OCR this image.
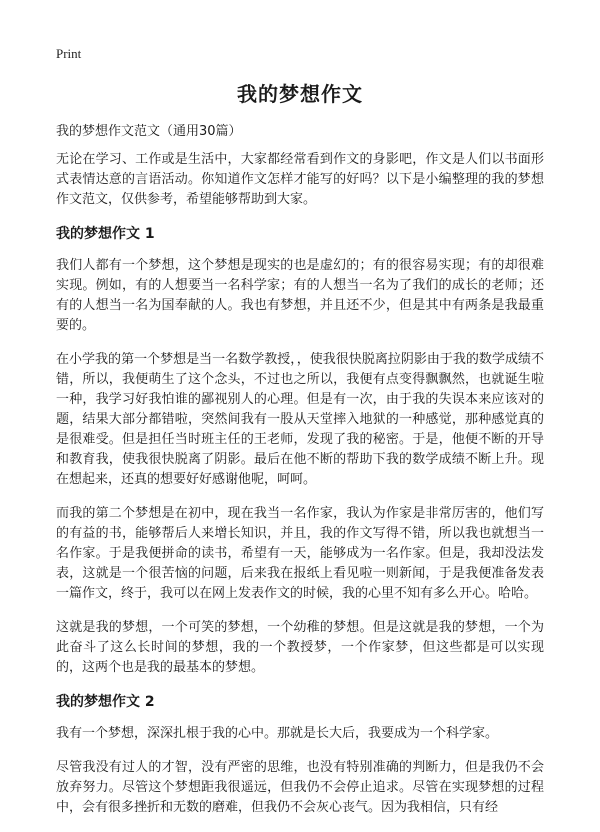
Print
我的梦想作文

我的梦想作文范文（通用30篇）

无论在学习、工作或是生活中，大家都经常看到作文的身影吧，作文是人们以书面形式表情达意的言语活动。你知道作文怎样才能写的好吗？以下是小编整理的我的梦想作文范文，仅供参考，希望能够帮助到大家。

我的梦想作文 1

我们人都有一个梦想，这个梦想是现实的也是虚幻的；有的很容易实现；有的却很难实现。例如，有的人想要当一名科学家；有的人想当一名为了我们的成长的老师；还有的人想当一名为国奉献的人。我也有梦想，并且还不少，但是其中有两条是我最重要的。

在小学我的第一个梦想是当一名数学教授，，使我很快脱离拉阴影由于我的数学成绩不错，所以，我便萌生了这个念头，不过也之所以，我便有点变得飘飘然，也就诞生啦一种，我学习好我怕谁的鄙视别人的心理。但是有一次，由于我的失误本来应该对的题，结果大部分都错啦，突然间我有一股从天堂摔入地狱的一种感觉，那种感觉真的是很难受。但是担任当时班主任的王老师，发现了我的秘密。于是，他便不断的开导和教育我，使我很快脱离了阴影。最后在他不断的帮助下我的数学成绩不断上升。现在想起来，还真的想要好好感谢他呢，呵呵。

而我的第二个梦想是在初中，现在我当一名作家，我认为作家是非常厉害的，他们写的有益的书，能够帮后人来增长知识，并且，我的作文写得不错，所以我也就想当一名作家。于是我便拼命的读书，希望有一天，能够成为一名作家。但是，我却没法发表，这就是一个很苦恼的问题，后来我在报纸上看见啦一则新闻，于是我便准备发表一篇作文，终于，我可以在网上发表作文的时候，我的心里不知有多么开心。哈哈。

这就是我的梦想，一个可笑的梦想，一个幼稚的梦想。但是这就是我的梦想，一个为此奋斗了这么长时间的梦想，我的一个教授梦，一个作家梦，但这些都是可以实现的，这两个也是我的最基本的梦想。

我的梦想作文 2

我有一个梦想，深深扎根于我的心中。那就是长大后，我要成为一个科学家。

尽管我没有过人的才智，没有严密的思维，也没有特别准确的判断力，但是我仍不会放弃努力。尽管这个梦想距我很遥远，但我仍不会停止追求。尽管在实现梦想的过程中，会有很多挫折和无数的磨难，但我仍不会灰心丧气。因为我相信，只有经
